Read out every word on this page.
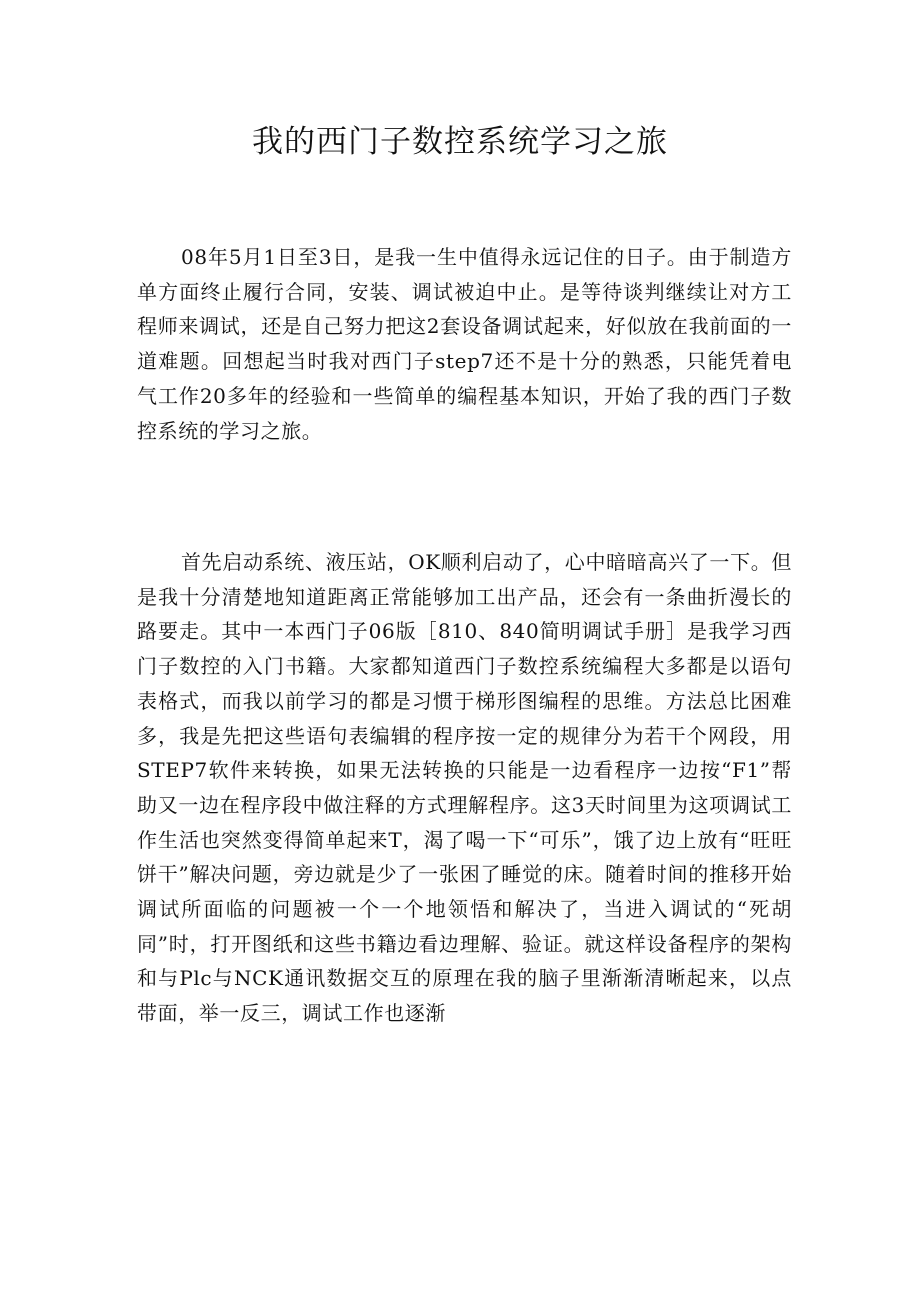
我的西门子数控系统学习之旅

08年5月1日至3日，是我一生中值得永远记住的日子。由于制造方单方面终止履行合同，安装、调试被迫中止。是等待谈判继续让对方工程师来调试，还是自己努力把这2套设备调试起来，好似放在我前面的一道难题。回想起当时我对西门子step7还不是十分的熟悉，只能凭着电气工作20多年的经验和一些简单的编程基本知识，开始了我的西门子数控系统的学习之旅。

首先启动系统、液压站，OK顺利启动了，心中暗暗高兴了一下。但是我十分清楚地知道距离正常能够加工出产品，还会有一条曲折漫长的路要走。其中一本西门子06版［810、840简明调试手册］是我学习西门子数控的入门书籍。大家都知道西门子数控系统编程大多都是以语句表格式，而我以前学习的都是习惯于梯形图编程的思维。方法总比困难多，我是先把这些语句表编辑的程序按一定的规律分为若干个网段，用STEP7软件来转换，如果无法转换的只能是一边看程序一边按“F1”帮助又一边在程序段中做注释的方式理解程序。这3天时间里为这项调试工作生活也突然变得简单起来T，渴了喝一下“可乐”，饿了边上放有“旺旺饼干”解决问题，旁边就是少了一张困了睡觉的床。随着时间的推移开始调试所面临的问题被一个一个地领悟和解决了，当进入调试的“死胡同”时，打开图纸和这些书籍边看边理解、验证。就这样设备程序的架构和与Plc与NCK通讯数据交互的原理在我的脑子里渐渐清晰起来，以点带面，举一反三，调试工作也逐渐
